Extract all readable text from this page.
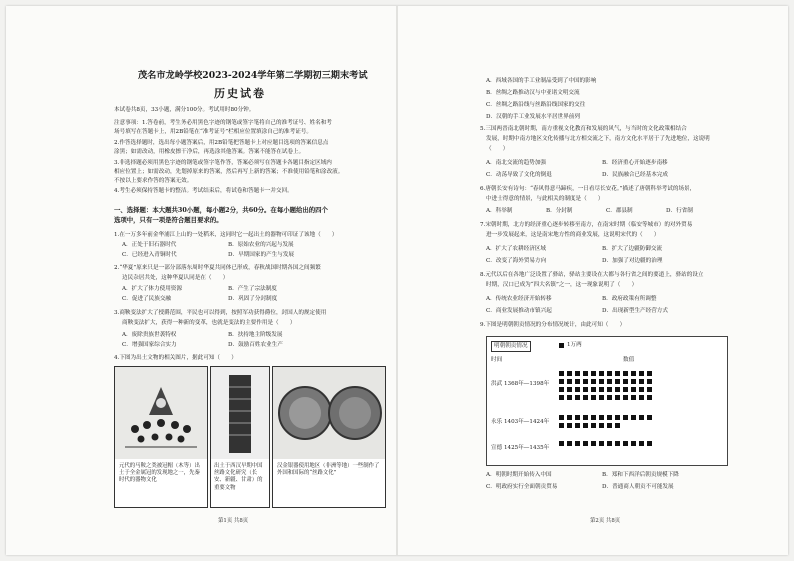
茂名市龙岭学校2023-2024学年第二学期初三期末考试
历史试卷
本试卷共8页，33小题，满分100分。考试用时80分钟。
注意事项：1.答卷前，考生务必用黑色字迹的钢笔或签字笔将自己的准考证号、姓名和考
场号填写在答题卡上，用2B铅笔在“准考证号”栏相应位置填涂自己的准考证号。
2.作答选择题时，选出每小题答案后，用2B铅笔把答题卡上对应题目选项的答案信息点
涂黑；如需改动，用橡皮擦干净后，再选涂其他答案。答案不能答在试卷上。
3.非选择题必须用黑色字迹的钢笔或签字笔作答，答案必须写在答题卡各题目指定区域内
相应位置上；如需改动，先划掉原来的答案，然后再写上新的答案；不准使用铅笔和涂改液。
不按以上要求作答的答案无效。
4.考生必须保持答题卡的整洁。考试结束后，将试卷和答题卡一并交回。
一、选择题：本大题共30小题，每小题2分，共60分。在每小题给出的四个
选项中，只有一项是符合题目要求的。
1.在一万多年前金华浦江上山的一处稻米，这同时它一起出土的器物可印证了该地（　　）
A．正处于旧石器时代	B．原始农业的兴起与发展
C．已经进入青铜时代	D．早期国家的产生与发展
2.“华夏”原来只是一部分部落东周时华夏共同体已形成，春秋战国时期各国之间频繁
边民杂居共处，这种华夏认同是在（　　）
A．扩大了体力使用资源	B．产生了宗法制度
C．促进了民族交融	D．巩固了分封制度
3.商鞅变法扩大了授爵范围，平民也可以得到，按照军功获得爵位，封国人的规定使用
商鞅变法扩大，获得一种新的变革，也就是变法的主要作用是（　　）
A．废除贵族世袭特权	B．扶持地主阶级发展
C．增强国家综合实力	D．鼓励百姓农业生产
4.下图为出土文物的相关图片，据此可知（　　）
元代的马鞍之类被冠帽（木等）出土于全金属冠的发现地之一，先秦时代的器物文化
出土于西汉早期中国丝路文化研究（长安、新疆、甘肃）的重要文物
汉金银器使用地区（非洲等地）一些制作了外国和国际的“丝路文化”
第1页 共8页
A．西域各国的手工业制品受到了中国的影响
B．丝绸之路推动汉与中亚诸文明交流
C．丝绸之路沿线与丝路沿线国家的交往
D．汉朝的手工业发展水平居世界前列
5.三国两晋南北朝时期，南方重视文化教育和发展的风气，与当时的文化政策相结合
发展，时期中南方地区文化传播与北方相交流之下，南方文化水平居于了先进地位，这说明
（　　）
A．南北交流的趋势加强	B．经济重心开始逐步南移
C．动荡导致了文化的倒退	D．民族融合已经基本完成
6.唐朝长安有诗句：“春风得意马蹄疾，一日看尽长安花。”描述了唐朝科举考试的场景，
中进士得意的情景，与此相关的制度是（　　）
A．科举制	B．分封制	C．郡县制	D．行省制
7.宋朝时期，北方的经济重心逐步转移至南方，在南宋时期（临安等城市）的对外贸易
进一步发展起来，这是南宋地方性的商业发展，这说明宋代的（　　）
A．扩大了农耕经济区域	B．扩大了边疆防御交流
C．改变了海外贸易方向	D．加强了对边疆的治理
8.元代以后在各地广泛设置了驿站，驿站主要设在大都与各行省之间的要道上，驿站的设立
时期，汉口已成为“四大名镇”之一，这一现象说明了（　　）
A．传统农业经济开始转移	B．政府政策有所调整
C．商业发展推动市镇兴起	D．出现新型生产经营方式
9.下图是明朝朝贡情况的分布情况统计，由此可知（　　）
明朝朝贡情况	1万两
时间	数值
洪武 1368年—1398年
永乐 1403年—1424年
宣德 1425年—1435年
A．明朝时期开始传入中国	B．郑和下西洋后朝贡规模下降
C．明政府实行全面朝贡贸易	D．普通商人朝贡不可能发展
第2页 共8页
